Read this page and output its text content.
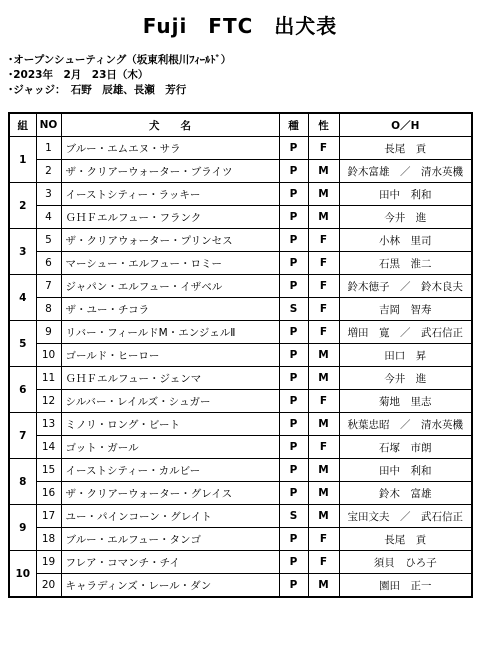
Fuji　FTC　出犬表
･オープンシューティング（坂東利根川ﾌｨｰﾙﾄﾞ）
･2023年　2月　23日（木）
･ジャッジ：　石野　辰雄、長瀬　芳行
組	NO	犬　　名	種	性	O／H
1	1	ブルー・エムエヌ・サラ	P	F	長尾　貢
	2	ザ・クリアーウォーター・ブライツ	P	M	鈴木富雄　／　清水英機
2	3	イーストシティー・ラッキー	P	M	田中　利和
	4	ＧＨＦエルフュー・フランク	P	M	今井　進
3	5	ザ・クリアウォーター・プリンセス	P	F	小林　里司
	6	マーシュー・エルフュー・ロミー	P	F	石黒　淮二
4	7	ジャパン・エルフュー・イザベル	P	F	鈴木徳子　／　鈴木良夫
	8	ザ・ユー・チコラ	S	F	吉岡　智寿
5	9	リバー・フィールドM・エンジェルⅡ	P	F	増田　寛　／　武石信正
	10	ゴールド・ヒーロー	P	M	田口　昇
6	11	ＧＨＦエルフュー・ジェンマ	P	M	今井　進
	12	シルバー・レイルズ・シュガー	P	F	菊地　里志
7	13	ミノリ・ロング・ビート	P	M	秋葉忠昭　／　清水英機
	14	ゴット・ガール	P	F	石塚　市朗
8	15	イーストシティー・カルビー	P	M	田中　利和
	16	ザ・クリアーウォーター・グレイス	P	M	鈴木　富雄
9	17	ユー・パインコーン・グレイト	S	M	宝田文夫　／　武石信正
	18	ブルー・エルフュー・タンゴ	P	F	長尾　貢
10	19	フレア・コマンチ・チイ	P	F	須貝　ひろ子
	20	キャラディンズ・レール・ダン	P	M	園田　正一
